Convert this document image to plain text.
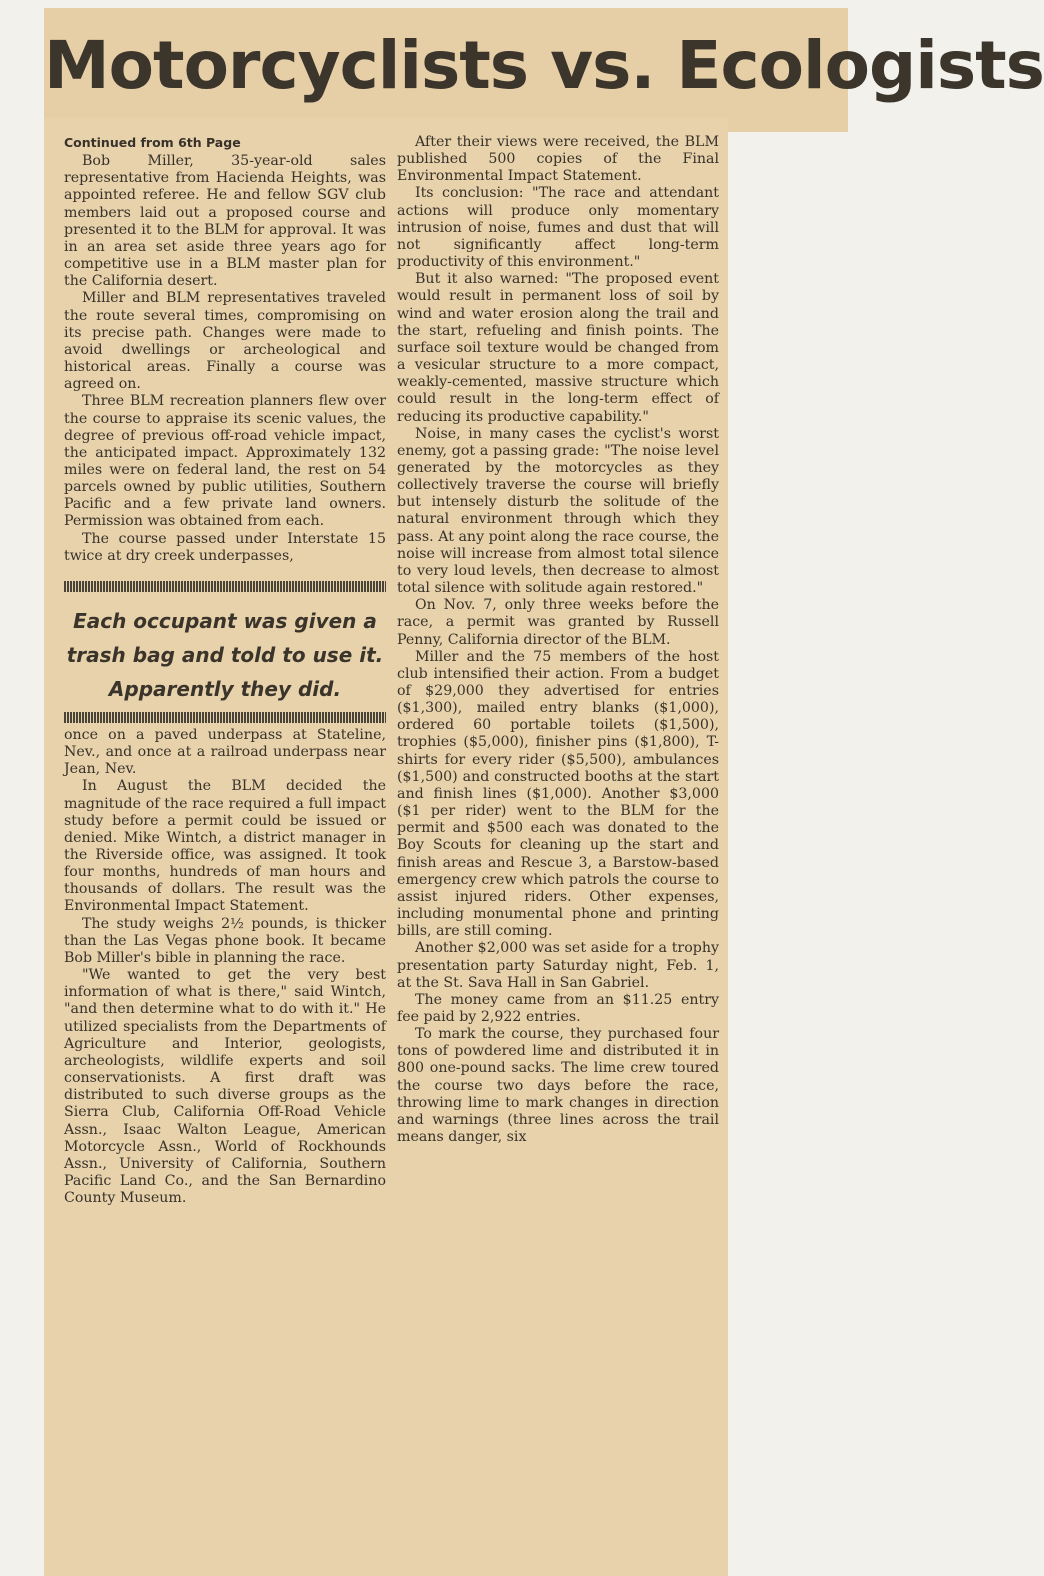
Motorcyclists vs. Ecologists
Continued from 6th Page

Bob Miller, 35-year-old sales representative from Hacienda Heights, was appointed referee. He and fellow SGV club members laid out a proposed course and presented it to the BLM for approval. It was in an area set aside three years ago for competitive use in a BLM master plan for the California desert.

Miller and BLM representatives traveled the route several times, compromising on its precise path. Changes were made to avoid dwellings or archeological and historical areas. Finally a course was agreed on.

Three BLM recreation planners flew over the course to appraise its scenic values, the degree of previous off-road vehicle impact, the anticipated impact. Approximately 132 miles were on federal land, the rest on 54 parcels owned by public utilities, Southern Pacific and a few private land owners. Permission was obtained from each.

The course passed under Interstate 15 twice at dry creek underpasses,

Each occupant was given a trash bag and told to use it. Apparently they did.

once on a paved underpass at Stateline, Nev., and once at a railroad underpass near Jean, Nev.

In August the BLM decided the magnitude of the race required a full impact study before a permit could be issued or denied. Mike Wintch, a district manager in the Riverside office, was assigned. It took four months, hundreds of man hours and thousands of dollars. The result was the Environmental Impact Statement.

The study weighs 2½ pounds, is thicker than the Las Vegas phone book. It became Bob Miller's bible in planning the race.

"We wanted to get the very best information of what is there," said Wintch, "and then determine what to do with it." He utilized specialists from the Departments of Agriculture and Interior, geologists, archeologists, wildlife experts and soil conservationists. A first draft was distributed to such diverse groups as the Sierra Club, California Off-Road Vehicle Assn., Isaac Walton League, American Motorcycle Assn., World of Rockhounds Assn., University of California, Southern Pacific Land Co., and the San Bernardino County Museum.

After their views were received, the BLM published 500 copies of the Final Environmental Impact Statement.

Its conclusion: "The race and attendant actions will produce only momentary intrusion of noise, fumes and dust that will not significantly affect long-term productivity of this environment."

But it also warned: "The proposed event would result in permanent loss of soil by wind and water erosion along the trail and the start, refueling and finish points. The surface soil texture would be changed from a vesicular structure to a more compact, weakly-cemented, massive structure which could result in the long-term effect of reducing its productive capability."

Noise, in many cases the cyclist's worst enemy, got a passing grade: "The noise level generated by the motorcycles as they collectively traverse the course will briefly but intensely disturb the solitude of the natural environment through which they pass. At any point along the race course, the noise will increase from almost total silence to very loud levels, then decrease to almost total silence with solitude again restored."

On Nov. 7, only three weeks before the race, a permit was granted by Russell Penny, California director of the BLM.

Miller and the 75 members of the host club intensified their action. From a budget of $29,000 they advertised for entries ($1,300), mailed entry blanks ($1,000), ordered 60 portable toilets ($1,500), trophies ($5,000), finisher pins ($1,800), T-shirts for every rider ($5,500), ambulances ($1,500) and constructed booths at the start and finish lines ($1,000). Another $3,000 ($1 per rider) went to the BLM for the permit and $500 each was donated to the Boy Scouts for cleaning up the start and finish areas and Rescue 3, a Barstow-based emergency crew which patrols the course to assist injured riders. Other expenses, including monumental phone and printing bills, are still coming.

Another $2,000 was set aside for a trophy presentation party Saturday night, Feb. 1, at the St. Sava Hall in San Gabriel.

The money came from an $11.25 entry fee paid by 2,922 entries.

To mark the course, they purchased four tons of powdered lime and distributed it in 800 one-pound sacks. The lime crew toured the course two days before the race, throwing lime to mark changes in direction and warnings (three lines across the trail means danger, six
